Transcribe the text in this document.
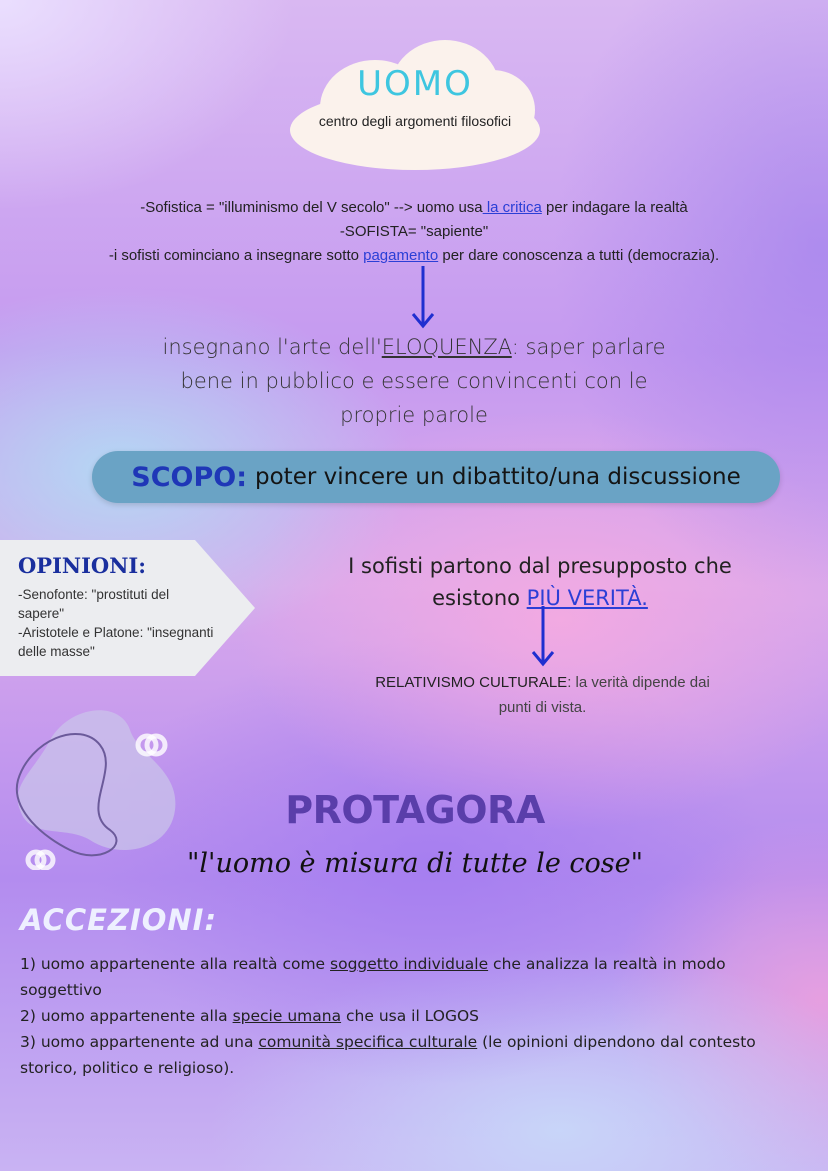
UOMO
centro degli argomenti filosofici
-Sofistica = "illuminismo del V secolo" --> uomo usa la critica per indagare la realtà
-SOFISTA= "sapiente"
-i sofisti cominciano a insegnare sotto pagamento per dare conoscenza a tutti (democrazia).
insegnano l'arte dell'ELOQUENZA: saper parlare bene in pubblico e essere convincenti con le proprie parole
SCOPO: poter vincere un dibattito/una discussione
OPINIONI:
-Senofonte: "prostituti del sapere"
-Aristotele e Platone: "insegnanti delle masse"
I sofisti partono dal presupposto che esistono PIÙ VERITÀ.
RELATIVISMO CULTURALE: la verità dipende dai punti di vista.
PROTAGORA
"l'uomo è misura di tutte le cose"
ACCEZIONI:
1) uomo appartenente alla realtà come soggetto individuale che analizza la realtà in modo soggettivo
2) uomo appartenente alla specie umana che usa il LOGOS
3) uomo appartenente ad una comunità specifica culturale (le opinioni dipendono dal contesto storico, politico e religioso).
